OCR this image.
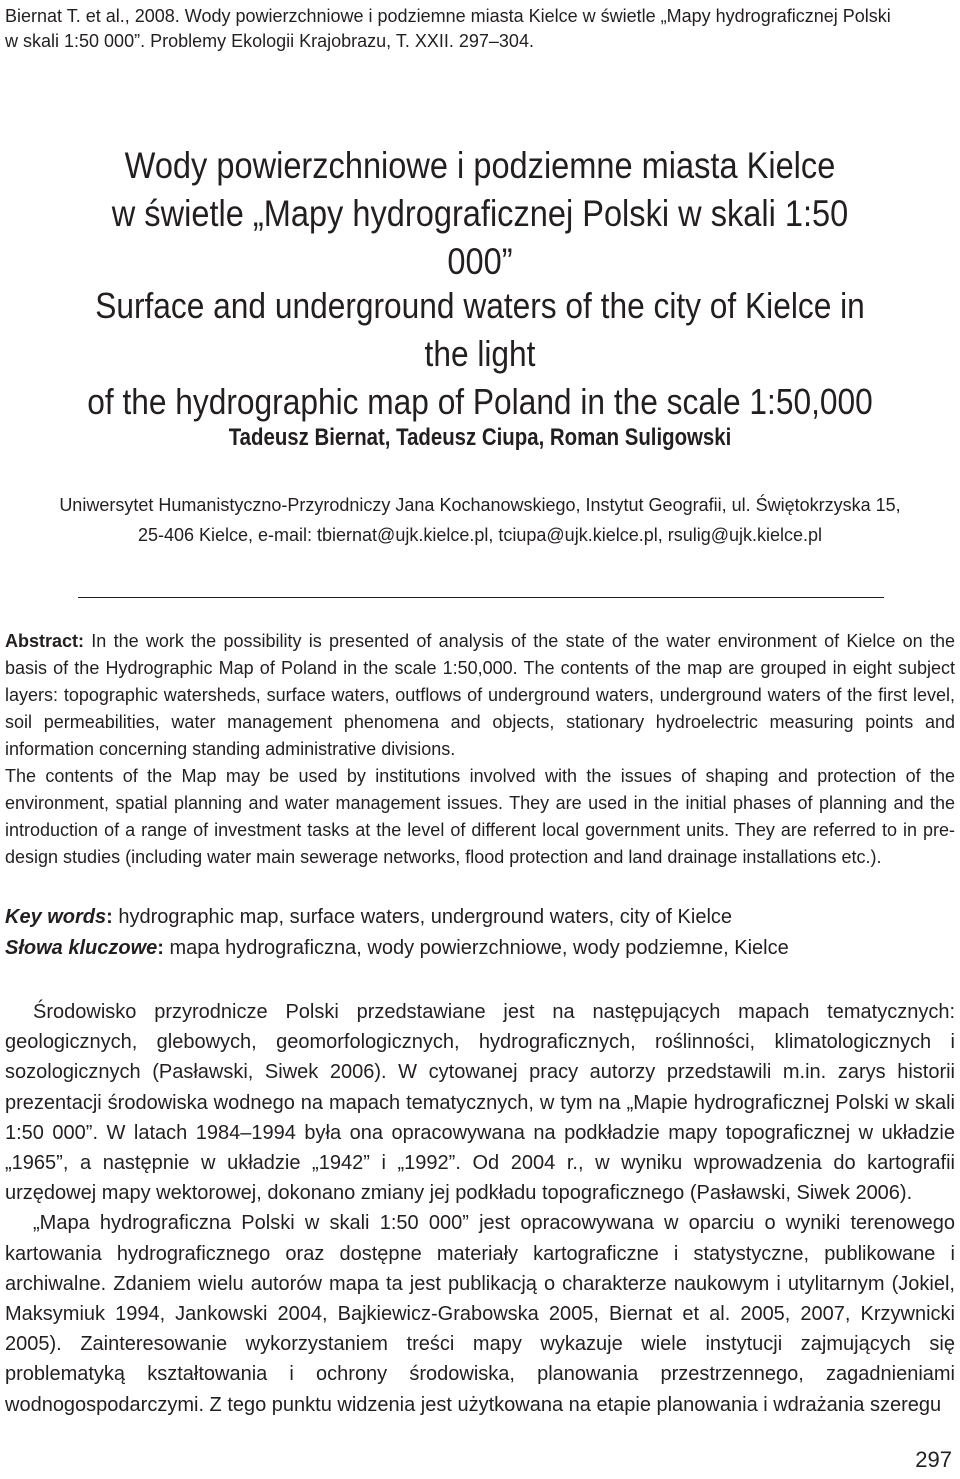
Biernat T. et al., 2008. Wody powierzchniowe i podziemne miasta Kielce w świetle „Mapy hydrograficznej Polski w skali 1:50 000”. Problemy Ekologii Krajobrazu, T. XXII. 297–304.
Wody powierzchniowe i podziemne miasta Kielce
w świetle „Mapy hydrograficznej Polski w skali 1:50 000”
Surface and underground waters of the city of Kielce in the light
of the hydrographic map of Poland in the scale 1:50,000
Tadeusz Biernat, Tadeusz Ciupa, Roman Suligowski
Uniwersytet Humanistyczno-Przyrodniczy Jana Kochanowskiego, Instytut Geografii, ul. Świętokrzyska 15,
25-406 Kielce, e-mail: tbiernat@ujk.kielce.pl, tciupa@ujk.kielce.pl, rsulig@ujk.kielce.pl

Abstract: In the work the possibility is presented of analysis of the state of the water environment of Kielce on the basis of the Hydrographic Map of Poland in the scale 1:50,000. The contents of the map are grouped in eight subject layers: topographic watersheds, surface waters, outflows of underground waters, underground waters of the first level, soil permeabilities, water management phenomena and objects, stationary hydroelectric measuring points and information concerning standing administrative divisions.

The contents of the Map may be used by institutions involved with the issues of shaping and protection of the environment, spatial planning and water management issues. They are used in the initial phases of planning and the introduction of a range of investment tasks at the level of different local government units. They are referred to in pre-design studies (including water main sewerage networks, flood protection and land drainage installations etc.).

Key words: hydrographic map, surface waters, underground waters, city of Kielce
Słowa kluczowe: mapa hydrograficzna, wody powierzchniowe, wody podziemne, Kielce

Środowisko przyrodnicze Polski przedstawiane jest na następujących mapach tematycznych: geologicznych, glebowych, geomorfologicznych, hydrograficznych, roślinności, klimatologicznych i sozologicznych (Pasławski, Siwek 2006). W cytowanej pracy autorzy przedstawili m.in. zarys historii prezentacji środowiska wodnego na mapach tematycznych, w tym na „Mapie hydrograficznej Polski w skali 1:50 000”. W latach 1984–1994 była ona opracowywana na podkładzie mapy topograficznej w układzie „1965”, a następnie w układzie „1942” i „1992”. Od 2004 r., w wyniku wprowadzenia do kartografii urzędowej mapy wektorowej, dokonano zmiany jej podkładu topograficznego (Pasławski, Siwek 2006).

„Mapa hydrograficzna Polski w skali 1:50 000” jest opracowywana w oparciu o wyniki terenowego kartowania hydrograficznego oraz dostępne materiały kartograficzne i statystyczne, publikowane i archiwalne. Zdaniem wielu autorów mapa ta jest publikacją o charakterze naukowym i utylitarnym (Jokiel, Maksymiuk 1994, Jankowski 2004, Bajkiewicz-Grabowska 2005, Biernat et al. 2005, 2007, Krzywnicki 2005). Zainteresowanie wykorzystaniem treści mapy wykazuje wiele instytucji zajmujących się problematyką kształtowania i ochrony środowiska, planowania przestrzennego, zagadnieniami wodnogospodarczymi. Z tego punktu widzenia jest użytkowana na etapie planowania i wdrażania szeregu

297
